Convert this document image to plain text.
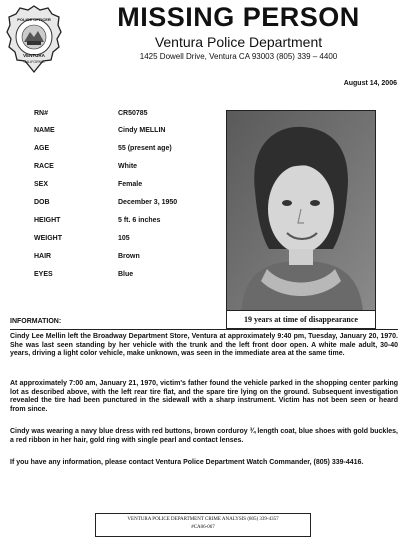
POLICE OFFICER
VENTURA
CALIFORNIA
MISSING PERSON
Ventura Police Department
1425 Dowell Drive, Ventura CA 93003 (805) 339 – 4400
August 14, 2006
RN#	CR50785
NAME	Cindy MELLIN
AGE	55 (present age)
RACE	White
SEX	Female
DOB	December 3, 1950
HEIGHT	5 ft. 6 inches
WEIGHT	105
HAIR	Brown
EYES	Blue
19 years at time of disappearance
INFORMATION:
Cindy Lee Mellin left the Broadway Department Store, Ventura at approximately 9:40 pm, Tuesday, January 20, 1970. She was last seen standing by her vehicle with the trunk and the left front door open. A white male adult, 30-40 years, driving a light color vehicle, make unknown, was seen in the immediate area at the same time.
At approximately 7:00 am, January 21, 1970, victim's father found the vehicle parked in the shopping center parking lot as described above, with the left rear tire flat, and the spare tire lying on the ground. Subsequent investigation revealed the tire had been punctured in the sidewall with a sharp instrument. Victim has not been seen or heard from since.
Cindy was wearing a navy blue dress with red buttons, brown corduroy ¾ length coat, blue shoes with gold buckles, a red ribbon in her hair, gold ring with single pearl and contact lenses.
If you have any information, please contact Ventura Police Department Watch Commander, (805) 339-4416.
VENTURA POLICE DEPARTMENT CRIME ANALYSIS (805) 339-4357
#CA06-067
